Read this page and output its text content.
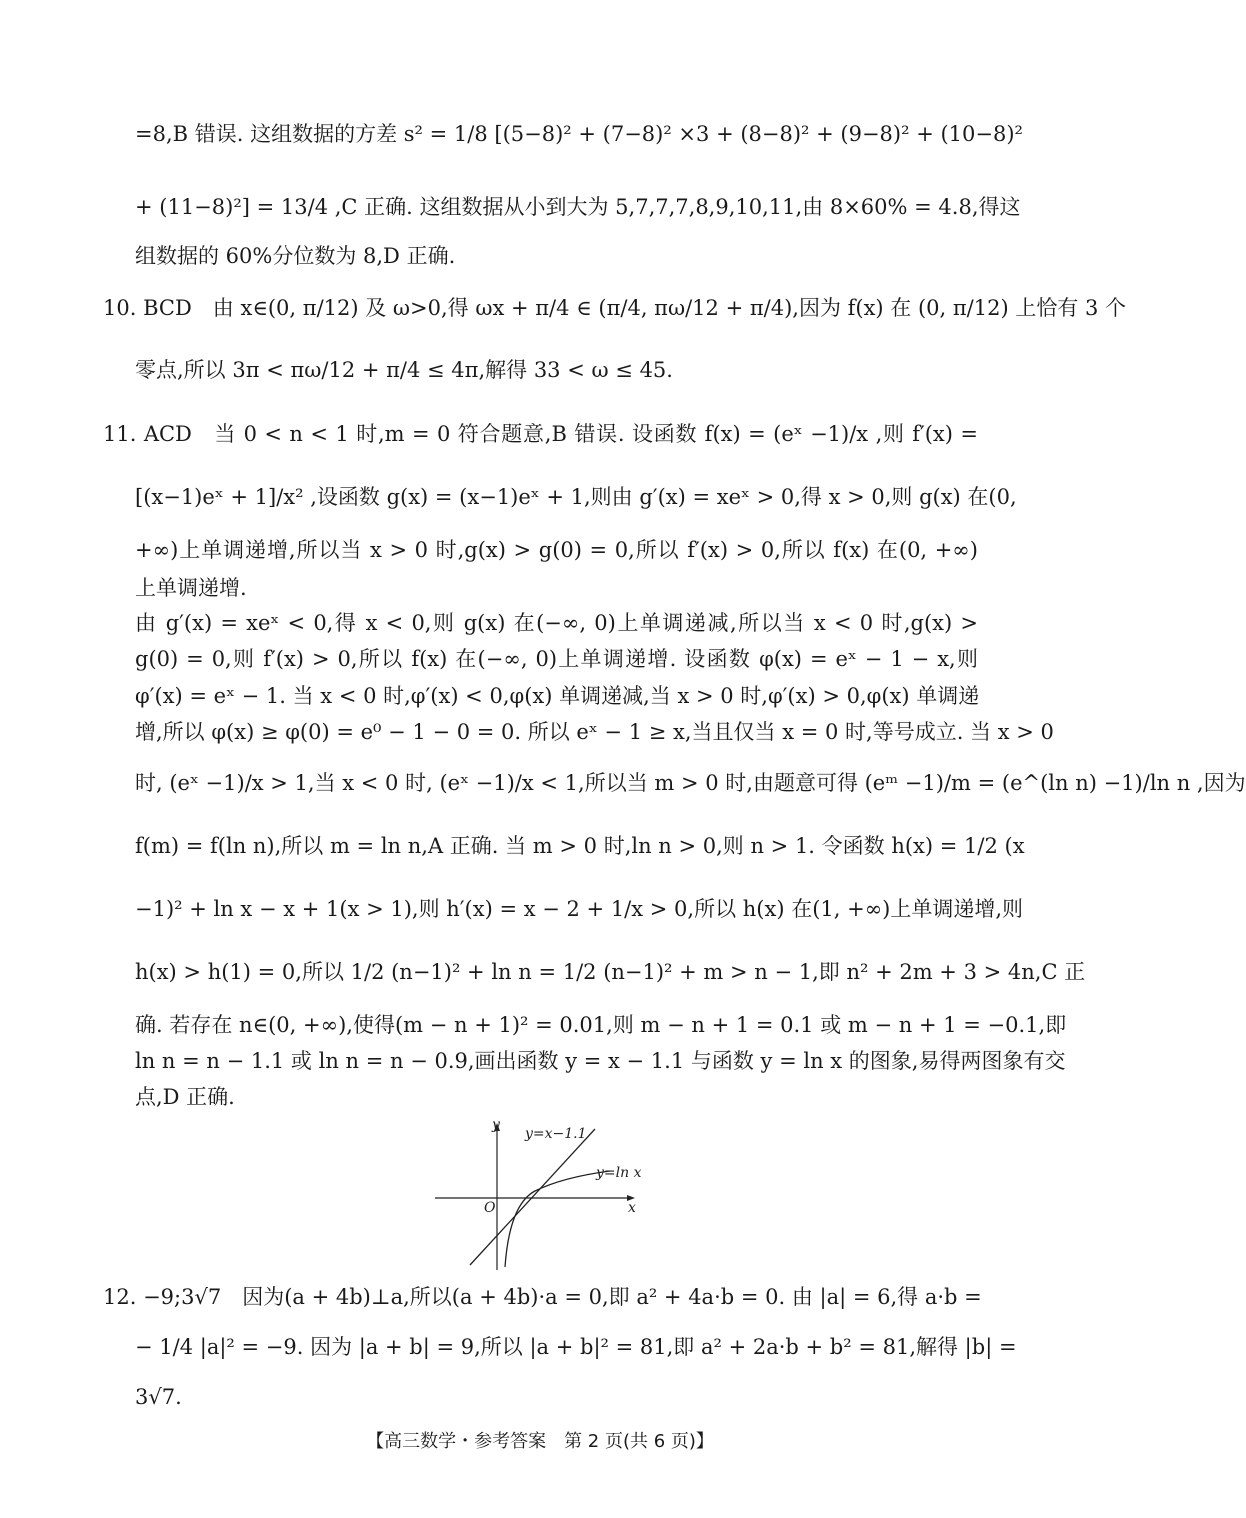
=8,B 错误. 这组数据的方差 s² = 1/8 [(5−8)² + (7−8)² ×3 + (8−8)² + (9−8)² + (10−8)²
+ (11−8)²] = 13/4 ,C 正确. 这组数据从小到大为 5,7,7,7,8,9,10,11,由 8×60% = 4.8,得这
组数据的 60%分位数为 8,D 正确.
10. BCD　由 x∈(0, π/12) 及 ω>0,得 ωx + π/4 ∈ (π/4, πω/12 + π/4),因为 f(x) 在 (0, π/12) 上恰有 3 个
零点,所以 3π < πω/12 + π/4 ≤ 4π,解得 33 < ω ≤ 45.
11. ACD　当 0 < n < 1 时,m = 0 符合题意,B 错误. 设函数 f(x) = (eˣ −1)/x ,则 f′(x) =
[(x−1)eˣ + 1]/x² ,设函数 g(x) = (x−1)eˣ + 1,则由 g′(x) = xeˣ > 0,得 x > 0,则 g(x) 在(0,
+∞)上单调递增,所以当 x > 0 时,g(x) > g(0) = 0,所以 f′(x) > 0,所以 f(x) 在(0, +∞)
上单调递增.
由 g′(x) = xeˣ < 0,得 x < 0,则 g(x) 在(−∞, 0)上单调递减,所以当 x < 0 时,g(x) >
g(0) = 0,则 f′(x) > 0,所以 f(x) 在(−∞, 0)上单调递增. 设函数 φ(x) = eˣ − 1 − x,则
φ′(x) = eˣ − 1. 当 x < 0 时,φ′(x) < 0,φ(x) 单调递减,当 x > 0 时,φ′(x) > 0,φ(x) 单调递
增,所以 φ(x) ≥ φ(0) = e⁰ − 1 − 0 = 0. 所以 eˣ − 1 ≥ x,当且仅当 x = 0 时,等号成立. 当 x > 0
时, (eˣ −1)/x > 1,当 x < 0 时, (eˣ −1)/x < 1,所以当 m > 0 时,由题意可得 (eᵐ −1)/m = (e^(ln n) −1)/ln n ,因为
f(m) = f(ln n),所以 m = ln n,A 正确. 当 m > 0 时,ln n > 0,则 n > 1. 令函数 h(x) = 1/2 (x
−1)² + ln x − x + 1(x > 1),则 h′(x) = x − 2 + 1/x > 0,所以 h(x) 在(1, +∞)上单调递增,则
h(x) > h(1) = 0,所以 1/2 (n−1)² + ln n = 1/2 (n−1)² + m > n − 1,即 n² + 2m + 3 > 4n,C 正
确. 若存在 n∈(0, +∞),使得(m − n + 1)² = 0.01,则 m − n + 1 = 0.1 或 m − n + 1 = −0.1,即
ln n = n − 1.1 或 ln n = n − 0.9,画出函数 y = x − 1.1 与函数 y = ln x 的图象,易得两图象有交
点,D 正确.
y
x
O
y=x−1.1
y=ln x
12. −9;3√7　因为(a + 4b)⊥a,所以(a + 4b)·a = 0,即 a² + 4a·b = 0. 由 |a| = 6,得 a·b =
− 1/4 |a|² = −9. 因为 |a + b| = 9,所以 |a + b|² = 81,即 a² + 2a·b + b² = 81,解得 |b| =
3√7.
【高三数学・参考答案　第 2 页(共 6 页)】
